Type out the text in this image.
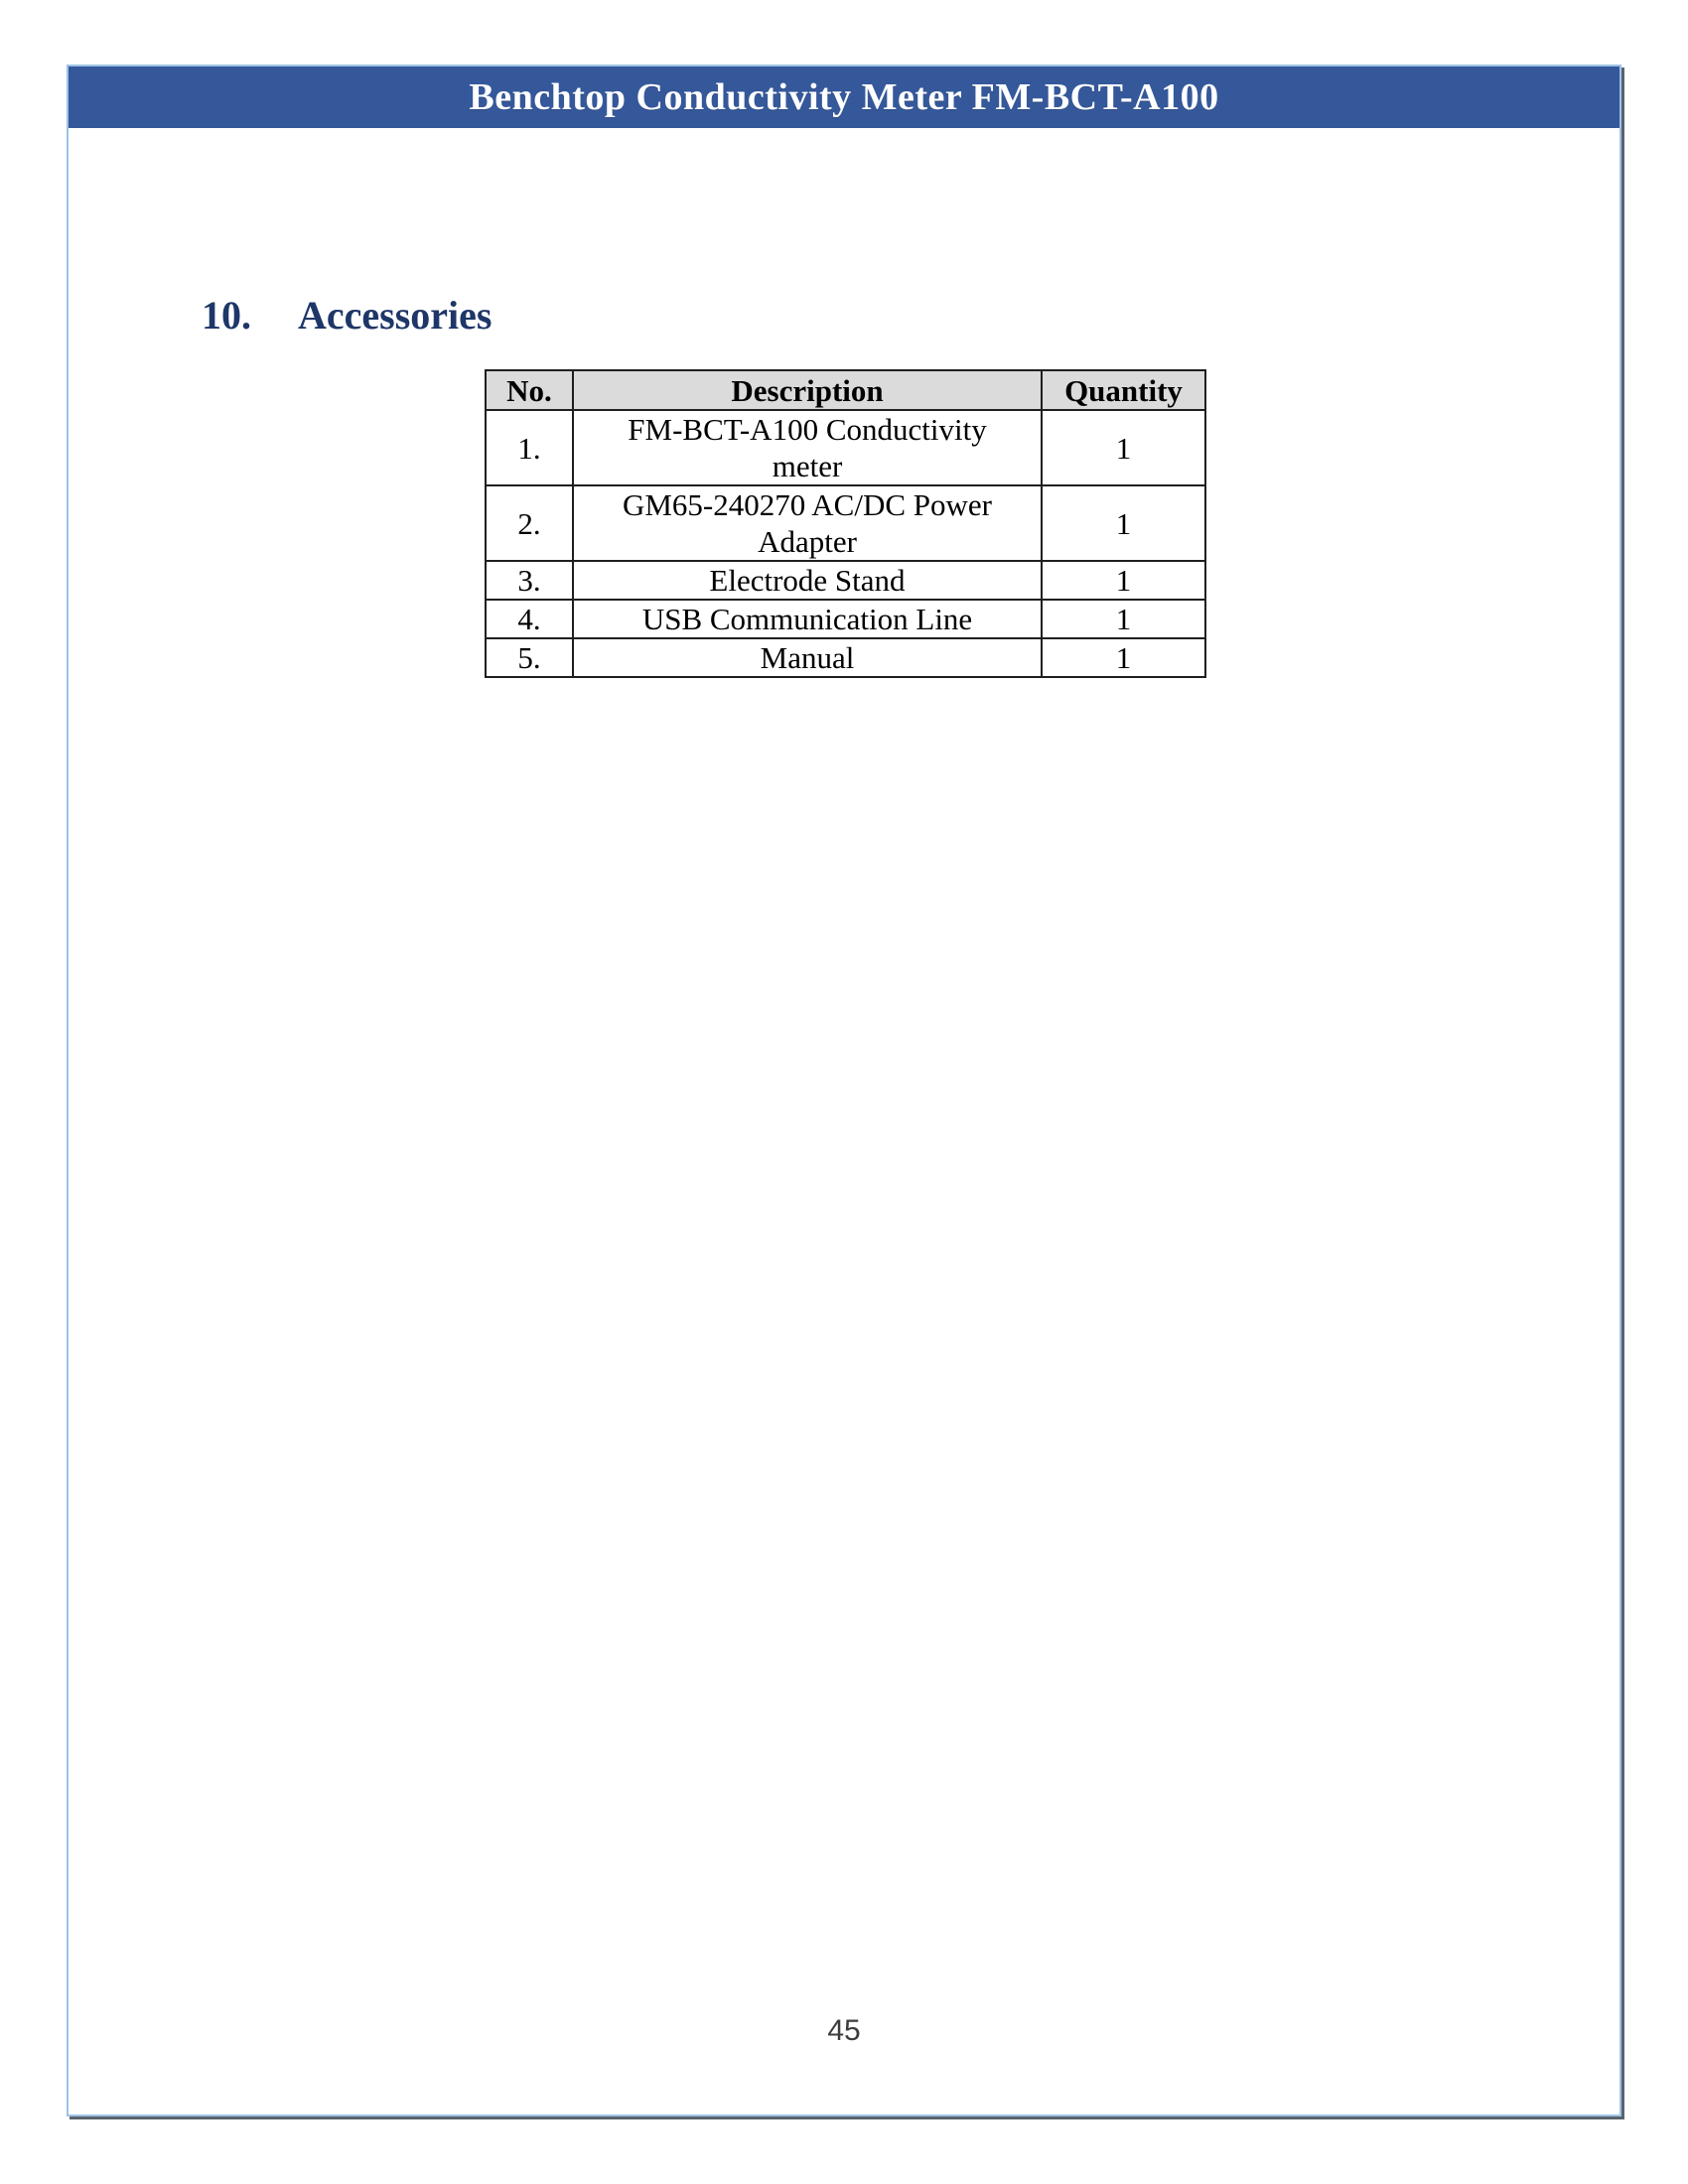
Benchtop Conductivity Meter FM-BCT-A100
10.	Accessories
No.	Description	Quantity
1.	FM-BCT-A100 Conductivity meter	1
2.	GM65-240270 AC/DC Power Adapter	1
3.	Electrode Stand	1
4.	USB Communication Line	1
5.	Manual	1
45
